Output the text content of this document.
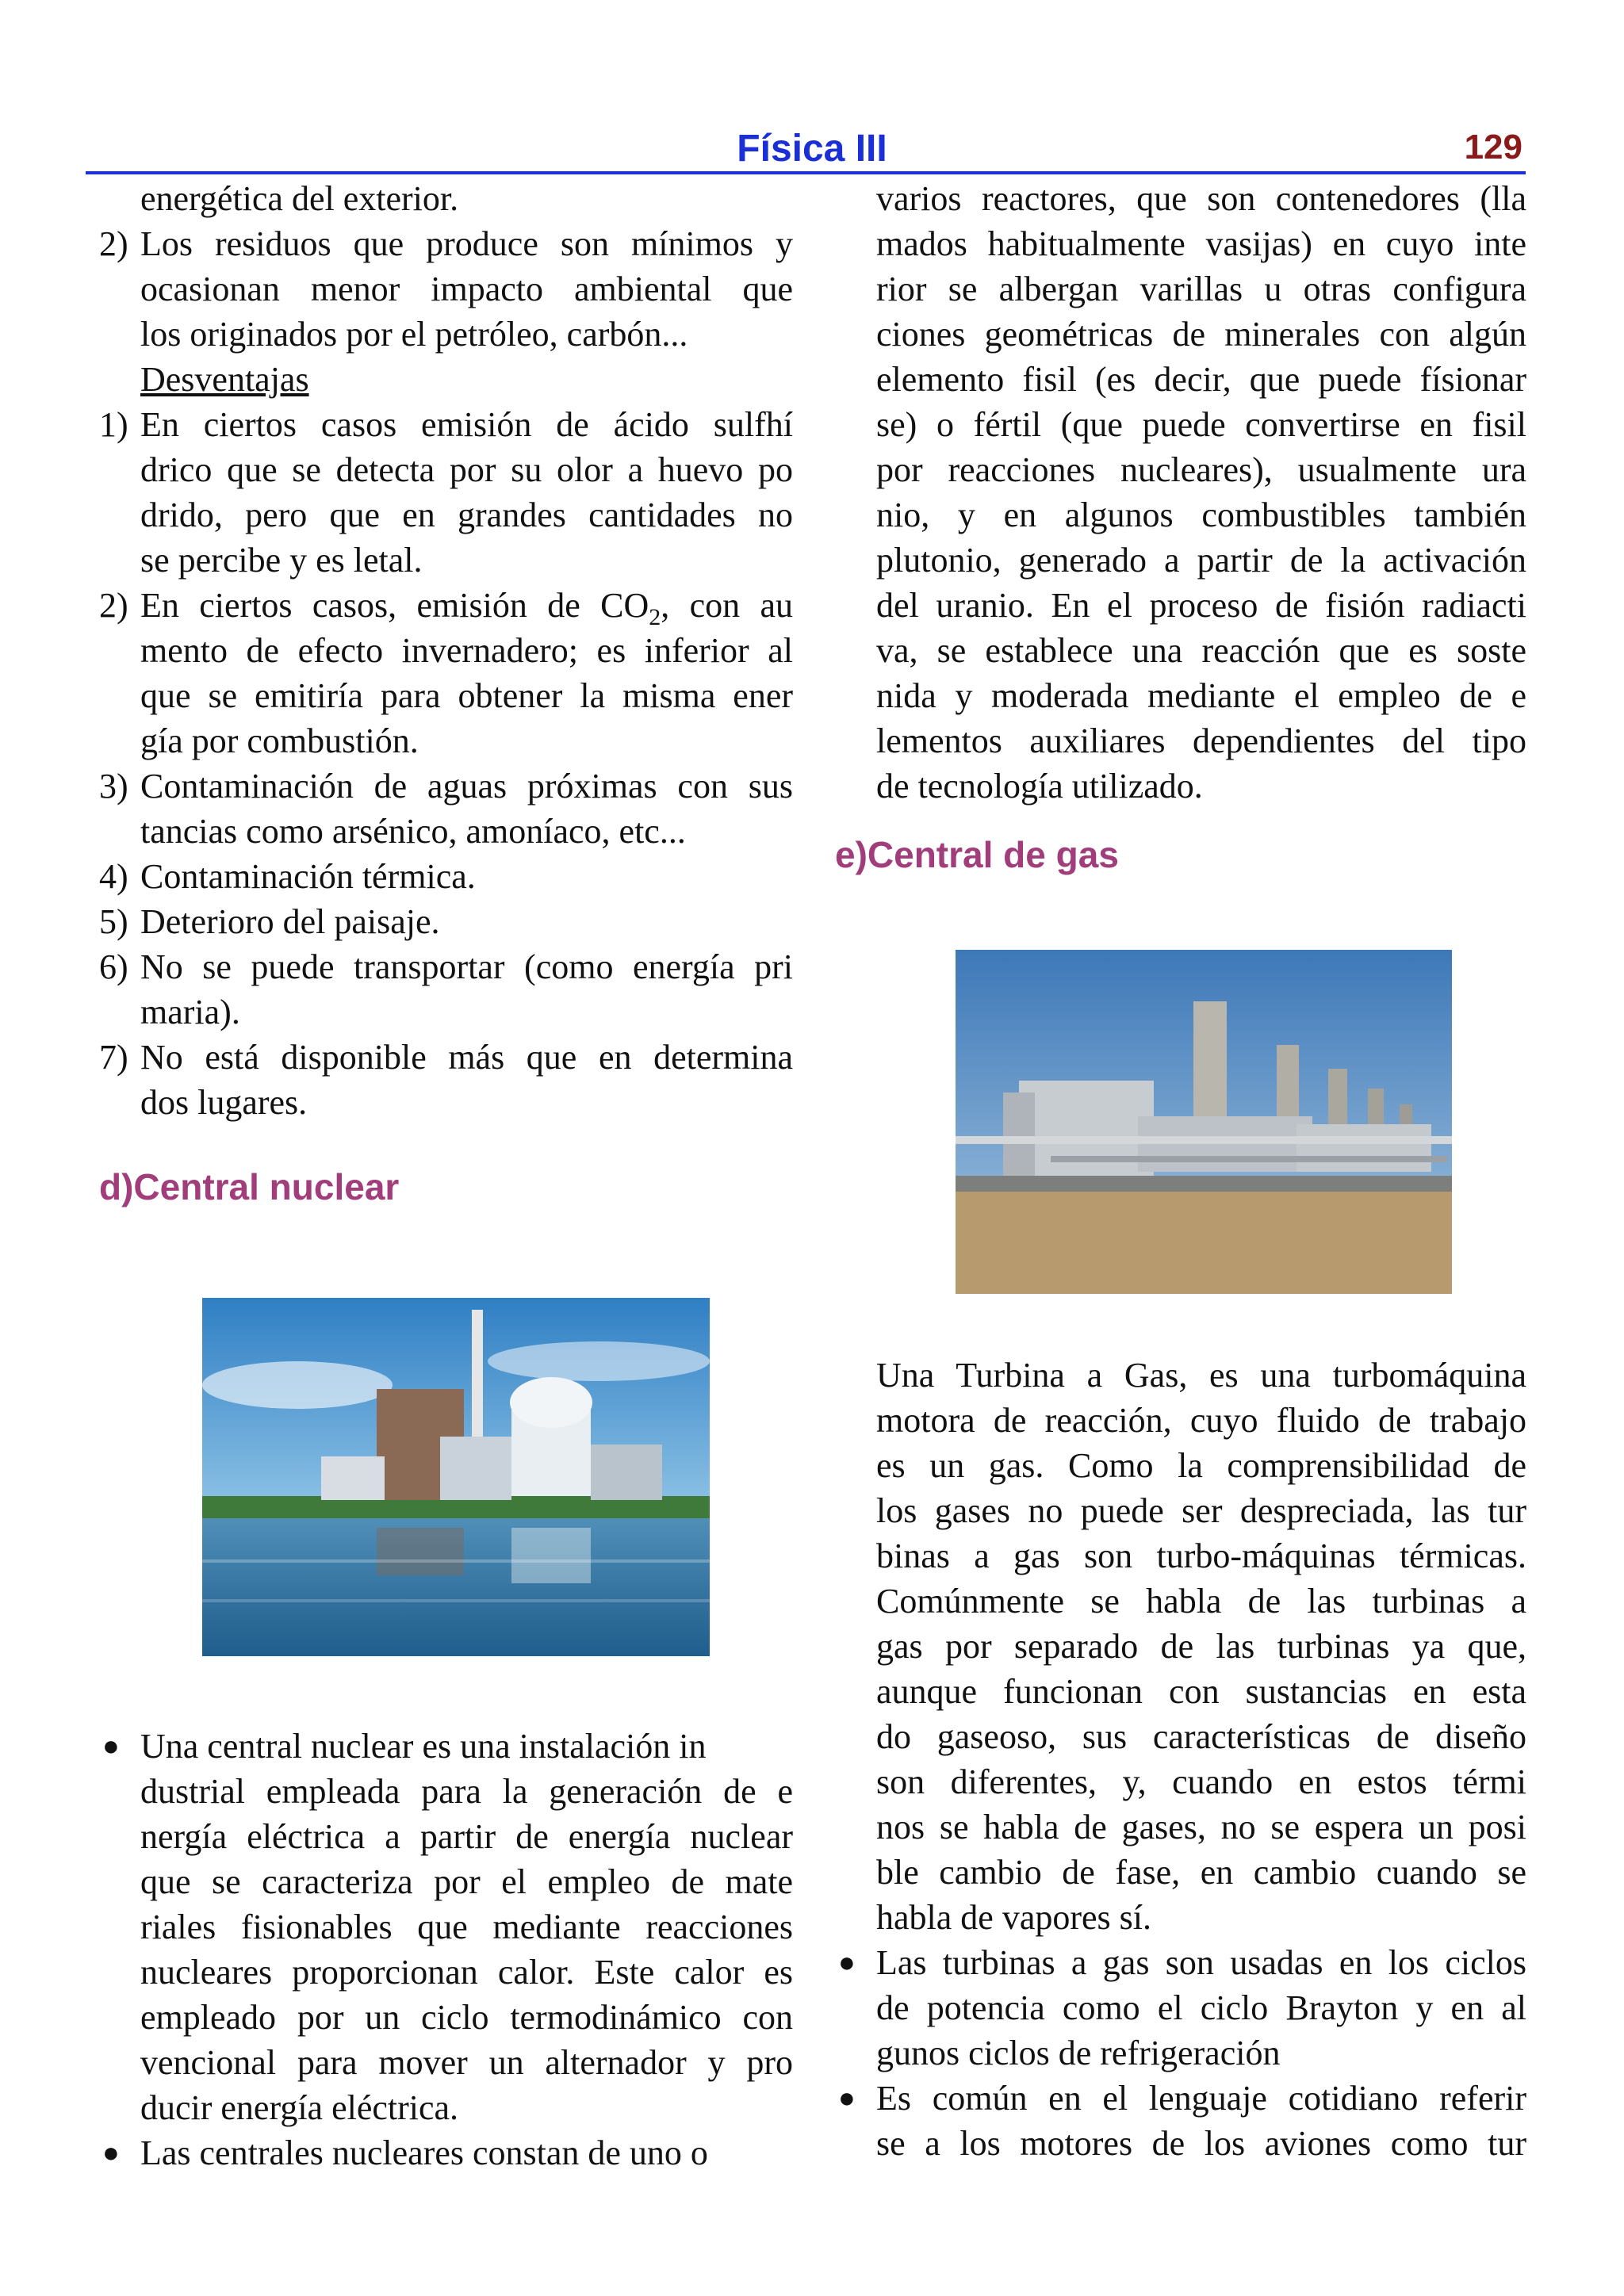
Física III	129

energética del exterior.

2) Los residuos que produce son mínimos y

ocasionan menor impacto ambiental que

los originados por el petróleo, carbón...

Desventajas

1) En ciertos casos emisión de ácido sulfhí

drico que se detecta por su olor a huevo po

drido, pero que en grandes cantidades no

se percibe y es letal.

2) En ciertos casos, emisión de $CO_2$, con au

mento de efecto invernadero; es inferior al

que se emitiría para obtener la misma ener

gía por combustión.

3) Contaminación de aguas próximas con sus

tancias como arsénico, amoníaco, etc...

4) Contaminación térmica.

5) Deterioro del paisaje.

6) No se puede transportar (como energía pri

maria).

7) No está disponible más que en determina

dos lugares.

d)Central nuclear

● Una central nuclear es una instalación in

dustrial empleada para la generación de e

nergía eléctrica a partir de energía nuclear

que se caracteriza por el empleo de mate

riales fisionables que mediante reacciones

nucleares proporcionan calor. Este calor es

empleado por un ciclo termodinámico con

vencional para mover un alternador y pro

ducir energía eléctrica.

● Las centrales nucleares constan de uno o

varios reactores, que son contenedores (lla

mados habitualmente vasijas) en cuyo inte

rior se albergan varillas u otras configura

ciones geométricas de minerales con algún

elemento fisil (es decir, que puede físionar

se) o fértil (que puede convertirse en fisil

por reacciones nucleares), usualmente ura

nio, y en algunos combustibles también

plutonio, generado a partir de la activación

del uranio. En el proceso de fisión radiacti

va, se establece una reacción que es soste

nida y moderada mediante el empleo de e

lementos auxiliares dependientes del tipo

de tecnología utilizado.

e)Central de gas

Una Turbina a Gas, es una turbomáquina

motora de reacción, cuyo fluido de trabajo

es un gas. Como la comprensibilidad de

los gases no puede ser despreciada, las tur

binas a gas son turbo-máquinas térmicas.

Comúnmente se habla de las turbinas a

gas por separado de las turbinas ya que,

aunque funcionan con sustancias en esta

do gaseoso, sus características de diseño

son diferentes, y, cuando en estos térmi

nos se habla de gases, no se espera un posi

ble cambio de fase, en cambio cuando se

habla de vapores sí.

● Las turbinas a gas son usadas en los ciclos

de potencia como el ciclo Brayton y en al

gunos ciclos de refrigeración

● Es común en el lenguaje cotidiano referir

se a los motores de los aviones como tur
